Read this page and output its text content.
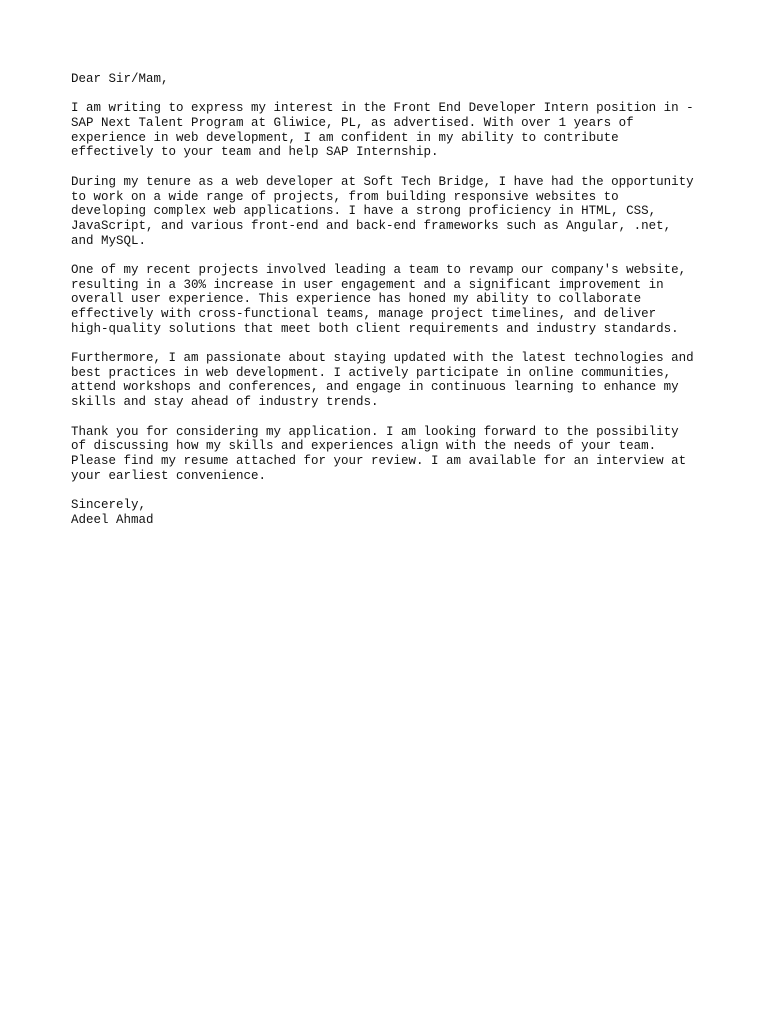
Dear Sir/Mam,
I am writing to express my interest in the Front End Developer Intern position in -
SAP Next Talent Program at Gliwice, PL, as advertised. With over 1 years of
experience in web development, I am confident in my ability to contribute
effectively to your team and help SAP Internship.
During my tenure as a web developer at Soft Tech Bridge, I have had the opportunity
to work on a wide range of projects, from building responsive websites to
developing complex web applications. I have a strong proficiency in HTML, CSS,
JavaScript, and various front-end and back-end frameworks such as Angular, .net,
and MySQL.
One of my recent projects involved leading a team to revamp our company's website,
resulting in a 30% increase in user engagement and a significant improvement in
overall user experience. This experience has honed my ability to collaborate
effectively with cross-functional teams, manage project timelines, and deliver
high-quality solutions that meet both client requirements and industry standards.
Furthermore, I am passionate about staying updated with the latest technologies and
best practices in web development. I actively participate in online communities,
attend workshops and conferences, and engage in continuous learning to enhance my
skills and stay ahead of industry trends.
Thank you for considering my application. I am looking forward to the possibility
of discussing how my skills and experiences align with the needs of your team.
Please find my resume attached for your review. I am available for an interview at
your earliest convenience.
Sincerely,
Adeel Ahmad
